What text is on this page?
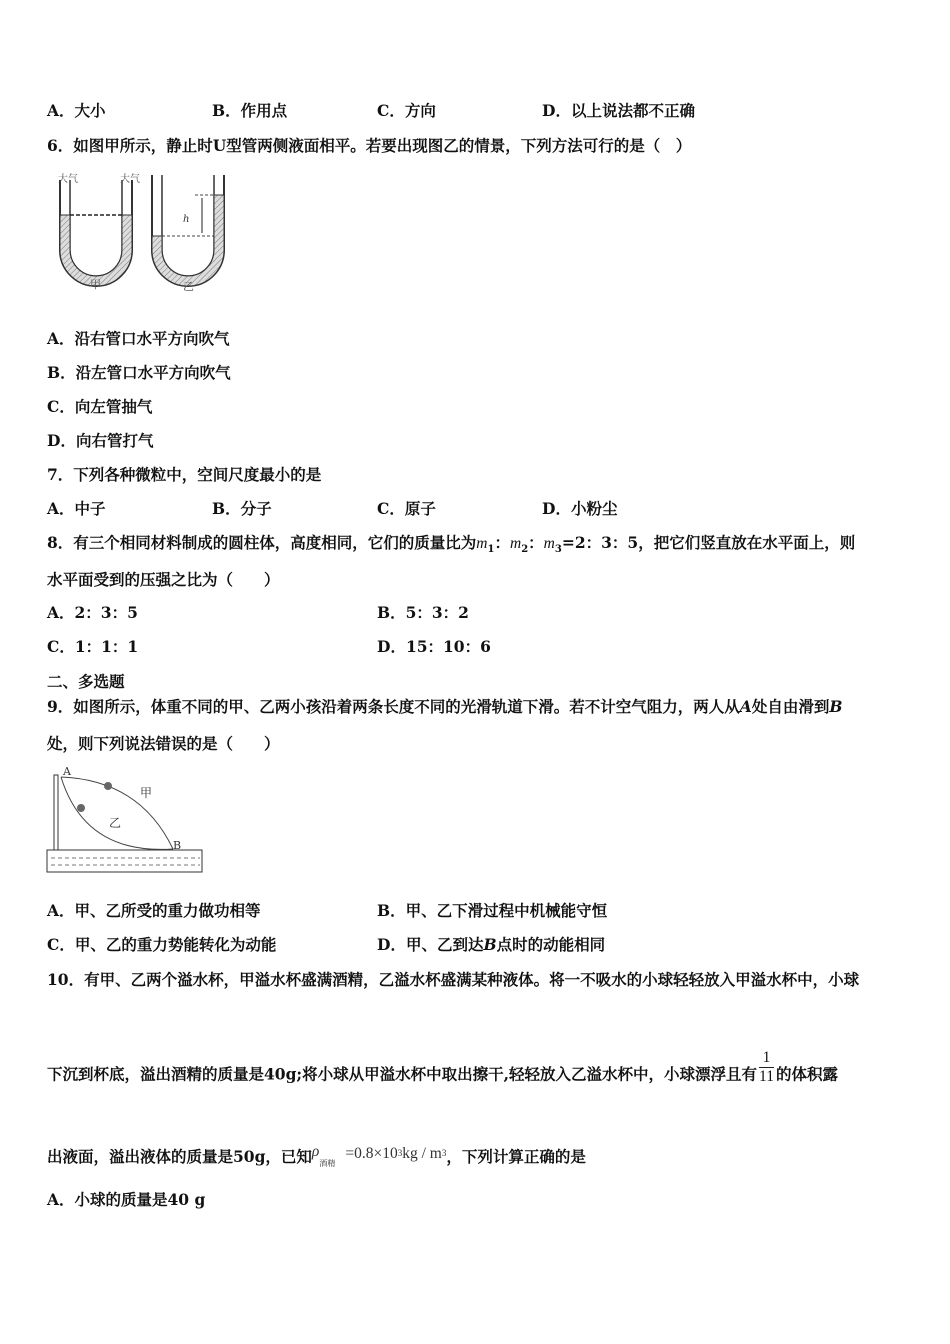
A．大小	B．作用点	C．方向	D．以上说法都不正确
6．如图甲所示，静止时U型管两侧液面相平。若要出现图乙的情景，下列方法可行的是（　）
大气	大气
甲
h
乙
A．沿右管口水平方向吹气
B．沿左管口水平方向吹气
C．向左管抽气
D．向右管打气
7．下列各种微粒中，空间尺度最小的是
A．中子	B．分子	C．原子	D．小粉尘
8．有三个相同材料制成的圆柱体，高度相同，它们的质量比为$m_1$：$m_2$：$m_3=2$：3：5，把它们竖直放在水平面上，则
水平面受到的压强之比为（　　）
A．2：3：5	B．5：3：2
C．1：1：1	D．15：10：6
二、多选题
9．如图所示，体重不同的甲、乙两小孩沿着两条长度不同的光滑轨道下滑。若不计空气阻力，两人从A处自由滑到B
处，则下列说法错误的是（　　）
A
B
甲
乙
A．甲、乙所受的重力做功相等	B．甲、乙下滑过程中机械能守恒
C．甲、乙的重力势能转化为动能	D．甲、乙到达B点时的动能相同
10．有甲、乙两个溢水杯，甲溢水杯盛满酒精，乙溢水杯盛满某种液体。将一不吸水的小球轻轻放入甲溢水杯中，小球
下沉到杯底，溢出酒精的质量是40g;将小球从甲溢水杯中取出擦干,轻轻放入乙溢水杯中，小球漂浮且有 $\frac{1}{11}$ 的体积露
出液面，溢出液体的质量是50g，已知$\rho_{酒精}=0.8\times 10^3kg / m^3$，下列计算正确的是
A．小球的质量是40 g
